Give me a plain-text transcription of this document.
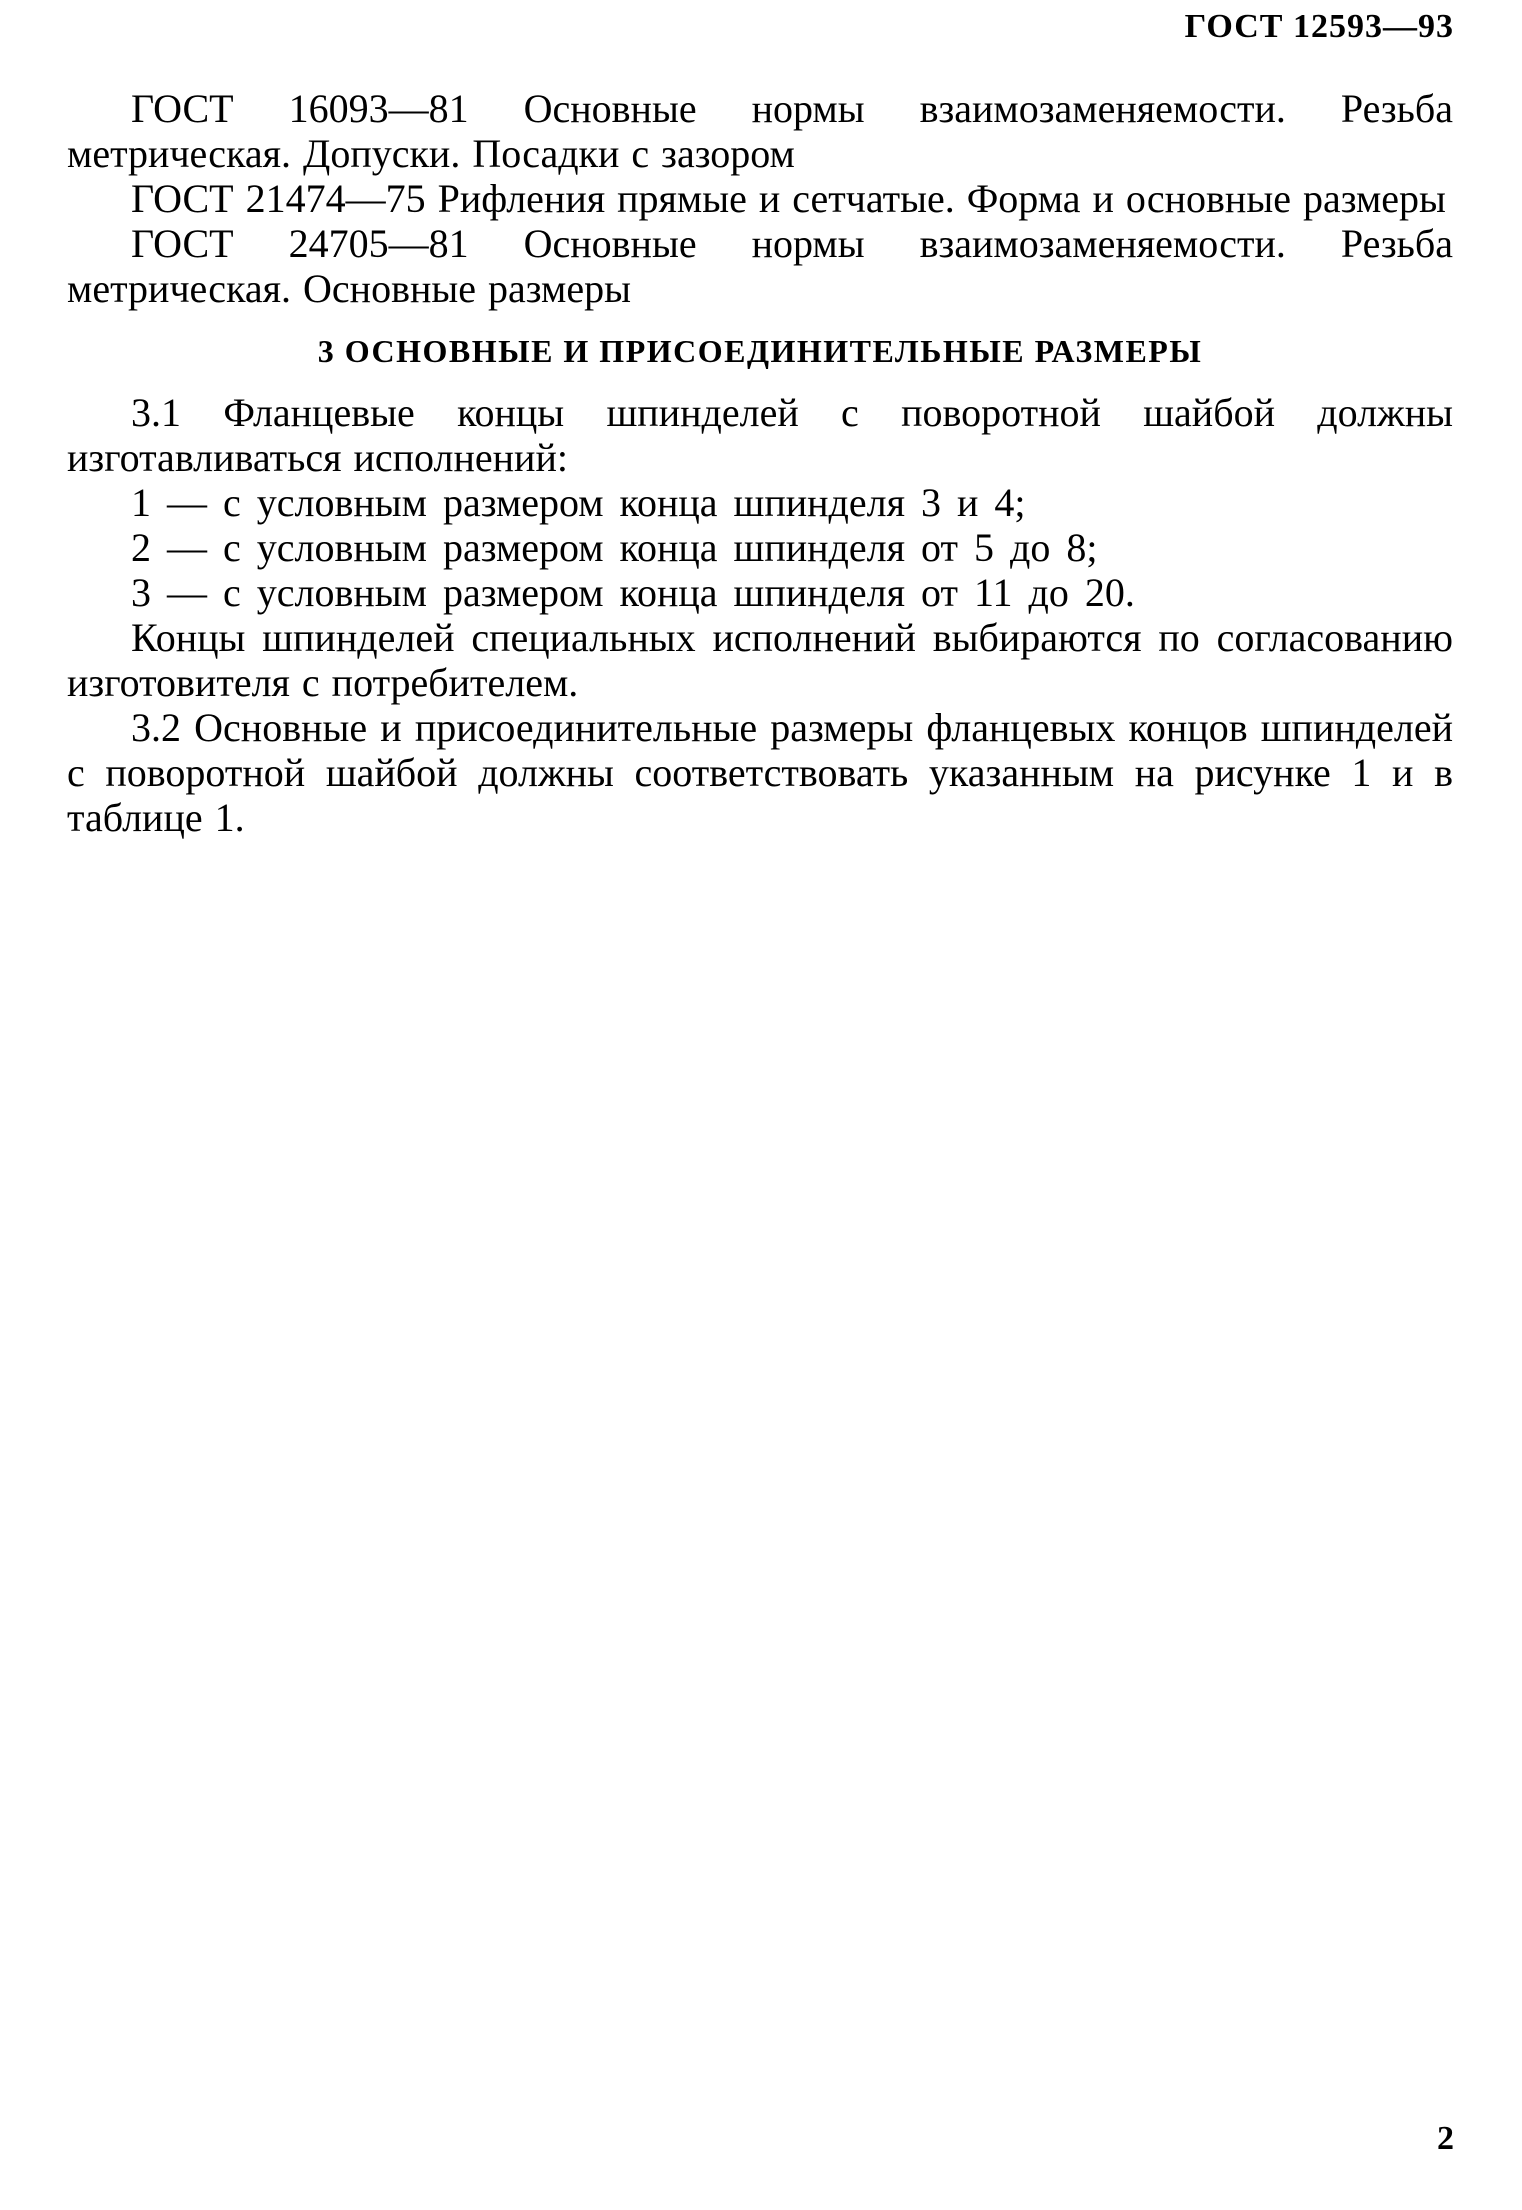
ГОСТ 12593—93

ГОСТ 16093—81 Основные нормы взаимозаменяемости. Резьба метрическая. Допуски. Посадки с зазором

ГОСТ 21474—75 Рифления прямые и сетчатые. Форма и основные размеры

ГОСТ 24705—81 Основные нормы взаимозаменяемости. Резьба метрическая. Основные размеры

3 ОСНОВНЫЕ И ПРИСОЕДИНИТЕЛЬНЫЕ РАЗМЕРЫ

3.1 Фланцевые концы шпинделей с поворотной шайбой должны изготавливаться исполнений:

1 — с условным размером конца шпинделя 3 и 4;

2 — с условным размером конца шпинделя от 5 до 8;

3 — с условным размером конца шпинделя от 11 до 20.

Концы шпинделей специальных исполнений выбираются по согласованию изготовителя с потребителем.

3.2 Основные и присоединительные размеры фланцевых концов шпинделей с поворотной шайбой должны соответствовать указанным на рисунке 1 и в таблице 1.

2
